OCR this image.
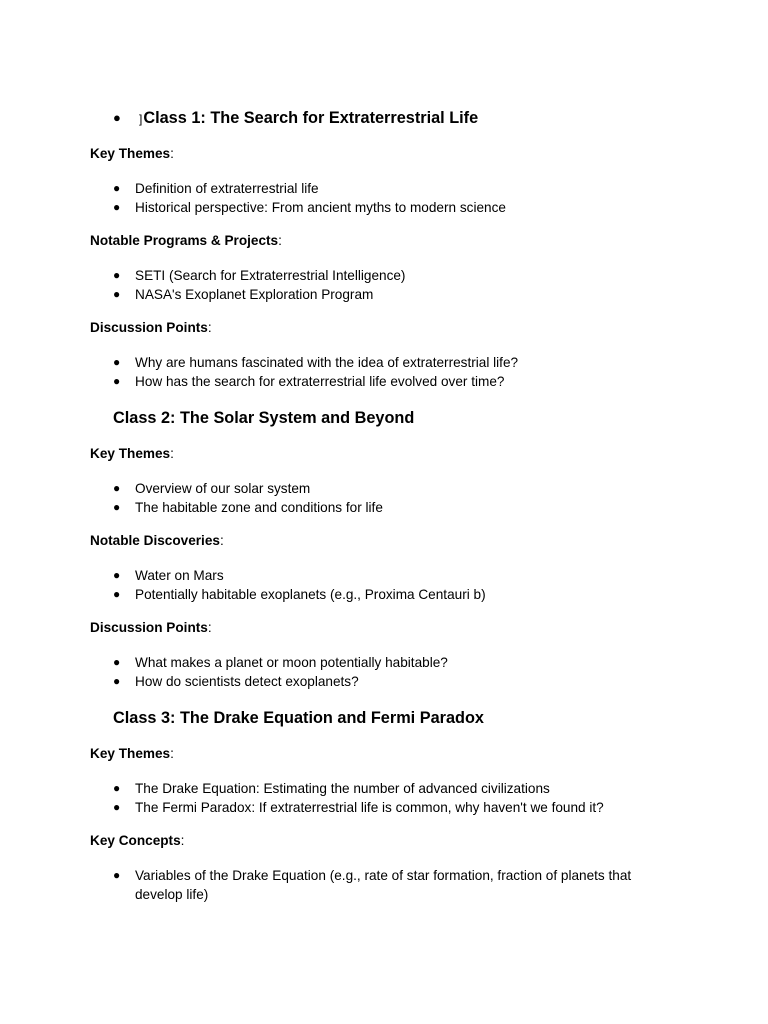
● ]Class 1: The Search for Extraterrestrial Life

Key Themes:

● Definition of extraterrestrial life
● Historical perspective: From ancient myths to modern science

Notable Programs & Projects:

● SETI (Search for Extraterrestrial Intelligence)
● NASA's Exoplanet Exploration Program

Discussion Points:

● Why are humans fascinated with the idea of extraterrestrial life?
● How has the search for extraterrestrial life evolved over time?
Class 2: The Solar System and Beyond

Key Themes:

● Overview of our solar system
● The habitable zone and conditions for life

Notable Discoveries:

● Water on Mars
● Potentially habitable exoplanets (e.g., Proxima Centauri b)

Discussion Points:

● What makes a planet or moon potentially habitable?
● How do scientists detect exoplanets?
Class 3: The Drake Equation and Fermi Paradox

Key Themes:

● The Drake Equation: Estimating the number of advanced civilizations
● The Fermi Paradox: If extraterrestrial life is common, why haven't we found it?

Key Concepts:

● Variables of the Drake Equation (e.g., rate of star formation, fraction of planets that develop life)
